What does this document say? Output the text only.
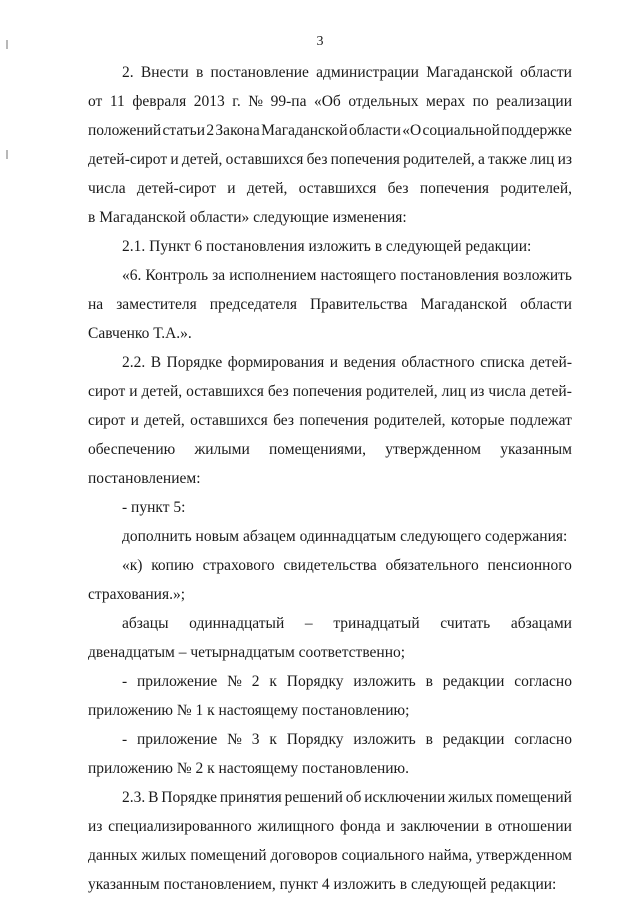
3
2. Внести в постановление администрации Магаданской области
от 11 февраля 2013 г. № 99-па «Об отдельных мерах по реализации
положений статьи 2 Закона Магаданской области «О социальной поддержке
детей-сирот и детей, оставшихся без попечения родителей, а также лиц из
числа детей-сирот и детей, оставшихся без попечения родителей,
в Магаданской области» следующие изменения:
2.1. Пункт 6 постановления изложить в следующей редакции:
«6. Контроль за исполнением настоящего постановления возложить
на заместителя председателя Правительства Магаданской области
Савченко Т.А.».
2.2. В Порядке формирования и ведения областного списка детей-
сирот и детей, оставшихся без попечения родителей, лиц из числа детей-
сирот и детей, оставшихся без попечения родителей, которые подлежат
обеспечению жилыми помещениями, утвержденном указанным
постановлением:
- пункт 5:
дополнить новым абзацем одиннадцатым следующего содержания:
«к) копию страхового свидетельства обязательного пенсионного
страхования.»;
абзацы одиннадцатый – тринадцатый считать абзацами
двенадцатым – четырнадцатым соответственно;
- приложение № 2 к Порядку изложить в редакции согласно
приложению № 1 к настоящему постановлению;
- приложение № 3 к Порядку изложить в редакции согласно
приложению № 2 к настоящему постановлению.
2.3. В Порядке принятия решений об исключении жилых помещений
из специализированного жилищного фонда и заключении в отношении
данных жилых помещений договоров социального найма, утвержденном
указанным постановлением, пункт 4 изложить в следующей редакции:
